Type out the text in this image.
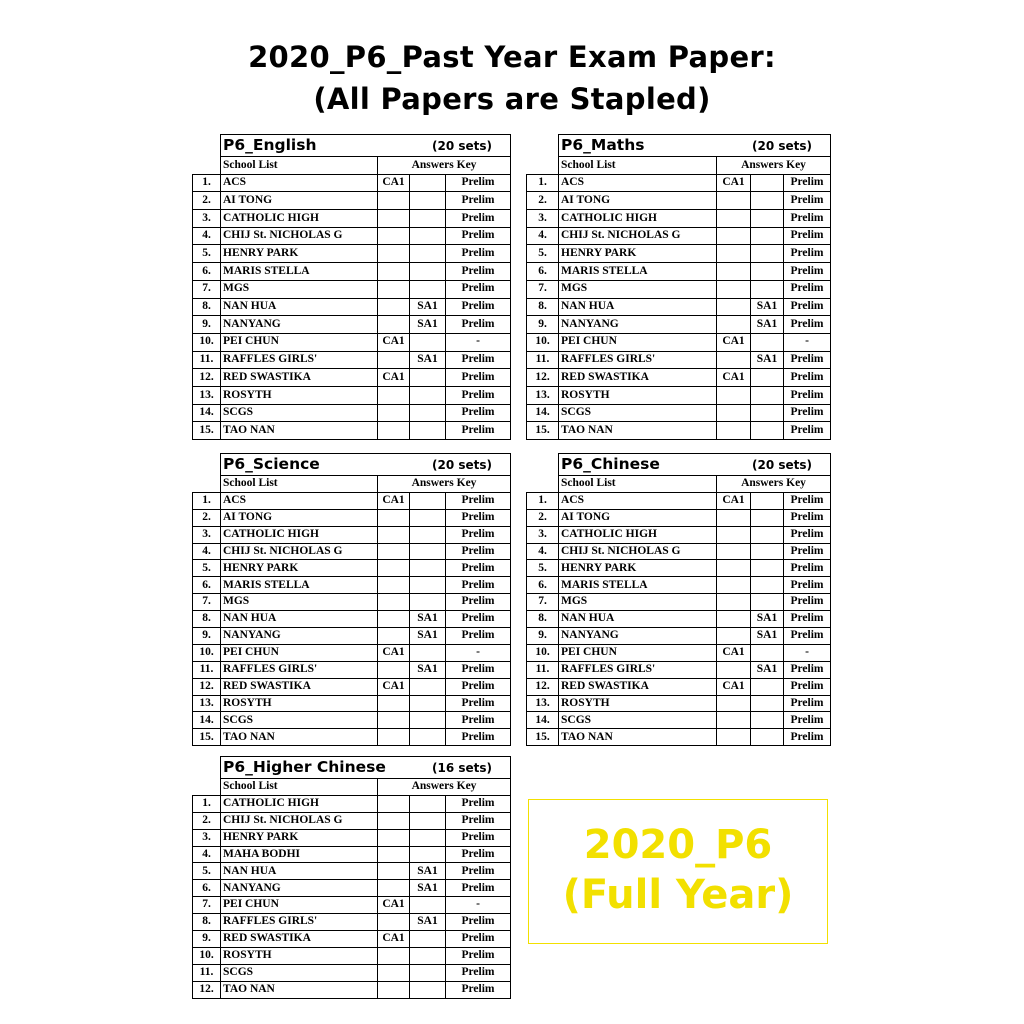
2020_P6_Past Year Exam Paper:
(All Papers are Stapled)

	P6_English (20 sets)			

	School List	Answers Key		
1.	ACS	CA1		Prelim
2.	AI TONG			Prelim
3.	CATHOLIC HIGH			Prelim
4.	CHIJ St. NICHOLAS G			Prelim
5.	HENRY PARK			Prelim
6.	MARIS STELLA			Prelim
7.	MGS			Prelim
8.	NAN HUA		SA1	Prelim
9.	NANYANG		SA1	Prelim
10.	PEI CHUN	CA1		-
11.	RAFFLES GIRLS'		SA1	Prelim
12.	RED SWASTIKA	CA1		Prelim
13.	ROSYTH			Prelim
14.	SCGS			Prelim
15.	TAO NAN			Prelim

	P6_Maths (20 sets)			

	School List	Answers Key		
1.	ACS	CA1		Prelim
2.	AI TONG			Prelim
3.	CATHOLIC HIGH			Prelim
4.	CHIJ St. NICHOLAS G			Prelim
5.	HENRY PARK			Prelim
6.	MARIS STELLA			Prelim
7.	MGS			Prelim
8.	NAN HUA		SA1	Prelim
9.	NANYANG		SA1	Prelim
10.	PEI CHUN	CA1		-
11.	RAFFLES GIRLS'		SA1	Prelim
12.	RED SWASTIKA	CA1		Prelim
13.	ROSYTH			Prelim
14.	SCGS			Prelim
15.	TAO NAN			Prelim

	P6_Science (20 sets)			

	School List	Answers Key		
1.	ACS	CA1		Prelim
2.	AI TONG			Prelim
3.	CATHOLIC HIGH			Prelim
4.	CHIJ St. NICHOLAS G			Prelim
5.	HENRY PARK			Prelim
6.	MARIS STELLA			Prelim
7.	MGS			Prelim
8.	NAN HUA		SA1	Prelim
9.	NANYANG		SA1	Prelim
10.	PEI CHUN	CA1		-
11.	RAFFLES GIRLS'		SA1	Prelim
12.	RED SWASTIKA	CA1		Prelim
13.	ROSYTH			Prelim
14.	SCGS			Prelim
15.	TAO NAN			Prelim

	P6_Chinese (20 sets)			

	School List	Answers Key		
1.	ACS	CA1		Prelim
2.	AI TONG			Prelim
3.	CATHOLIC HIGH			Prelim
4.	CHIJ St. NICHOLAS G			Prelim
5.	HENRY PARK			Prelim
6.	MARIS STELLA			Prelim
7.	MGS			Prelim
8.	NAN HUA		SA1	Prelim
9.	NANYANG		SA1	Prelim
10.	PEI CHUN	CA1		-
11.	RAFFLES GIRLS'		SA1	Prelim
12.	RED SWASTIKA	CA1		Prelim
13.	ROSYTH			Prelim
14.	SCGS			Prelim
15.	TAO NAN			Prelim

	P6_Higher Chinese (16 sets)			

	School List	Answers Key		
1.	CATHOLIC HIGH			Prelim
2.	CHIJ St. NICHOLAS G			Prelim
3.	HENRY PARK			Prelim
4.	MAHA BODHI			Prelim
5.	NAN HUA		SA1	Prelim
6.	NANYANG		SA1	Prelim
7.	PEI CHUN	CA1		-
8.	RAFFLES GIRLS'		SA1	Prelim
9.	RED SWASTIKA	CA1		Prelim
10.	ROSYTH			Prelim
11.	SCGS			Prelim
12.	TAO NAN			Prelim
2020_P6
(Full Year)
